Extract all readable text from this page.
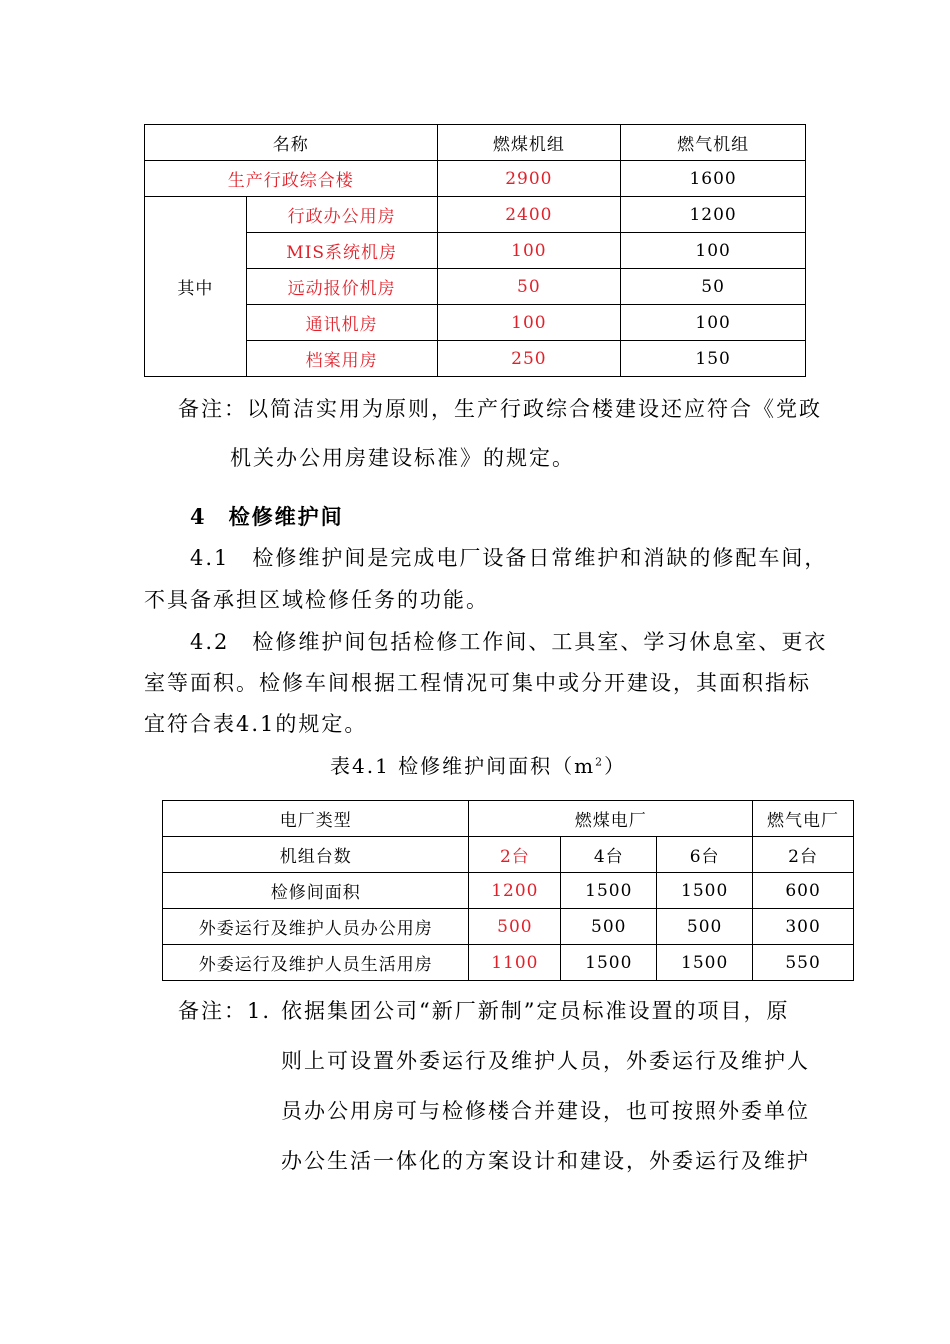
名称		燃煤机组	燃气机组
生产行政综合楼		2900	1600
其中	行政办公用房	2400	1200
	MIS系统机房	100	100
	远动报价机房	50	50
	通讯机房	100	100
	档案用房	250	150
备注：以简洁实用为原则，生产行政综合楼建设还应符合《党政
机关办公用房建设标准》的规定。
4 检修维护间
4.1　检修维护间是完成电厂设备日常维护和消缺的修配车间，
不具备承担区域检修任务的功能。
4.2　检修维护间包括检修工作间、工具室、学习休息室、更衣
室等面积。检修车间根据工程情况可集中或分开建设，其面积指标
宜符合表4.1的规定。
表4.1 检修维护间面积$(m^2)$
电厂类型	燃煤电厂			燃气电厂
机组台数	2台	4台	6台	2台
检修间面积	1200	1500	1500	600
外委运行及维护人员办公用房	500	500	500	300
外委运行及维护人员生活用房	1100	1500	1500	550
备注：1. 依据集团公司“新厂新制”定员标准设置的项目，原
则上可设置外委运行及维护人员，外委运行及维护人
员办公用房可与检修楼合并建设，也可按照外委单位
办公生活一体化的方案设计和建设，外委运行及维护
